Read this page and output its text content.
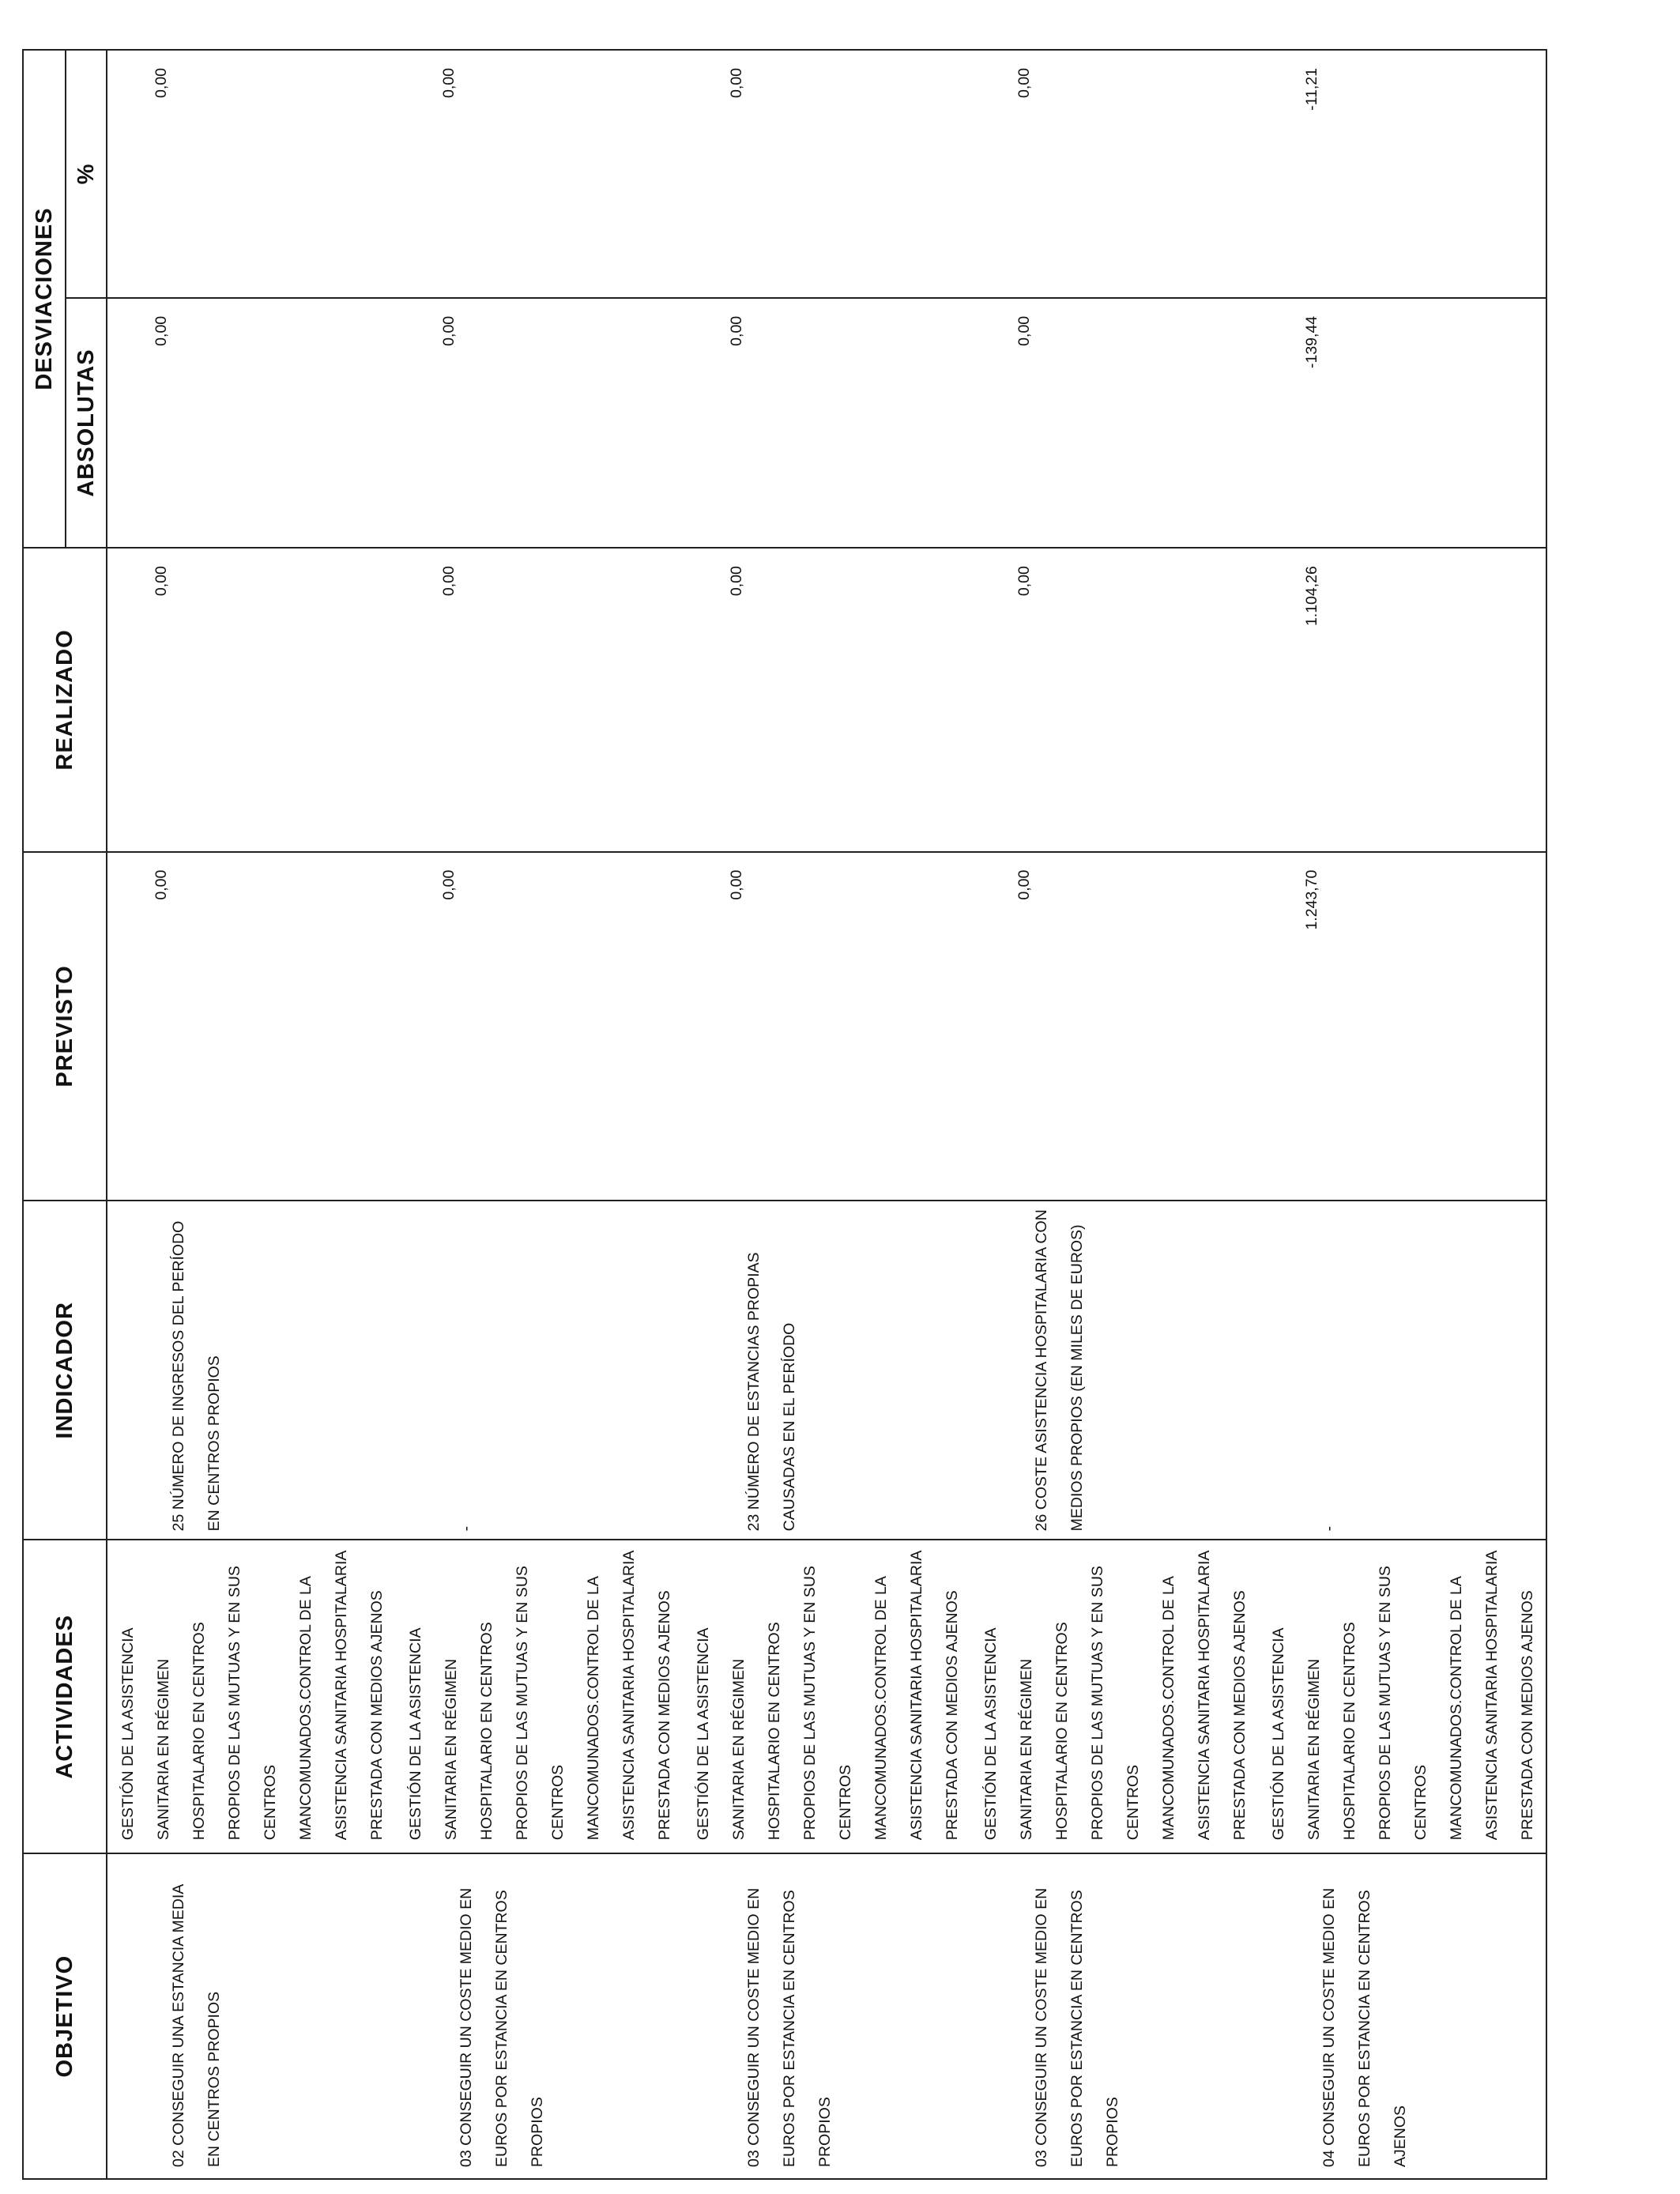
OBJETIVO	ACTIVIDADES	INDICADOR	PREVISTO	REALIZADO	DESVIACIONES	
					ABSOLUTAS	%
02 CONSEGUIR UNA ESTANCIA MEDIA EN CENTROS PROPIOS	GESTIÓN DE LA ASISTENCIA SANITARIA EN RÉGIMEN HOSPITALARIO EN CENTROS PROPIOS DE LAS MUTUAS Y EN SUS CENTROS MANCOMUNADOS.CONTROL DE LA ASISTENCIA SANITARIA HOSPITALARIA PRESTADA CON MEDIOS AJENOS	25 NÚMERO DE INGRESOS DEL PERÍODO EN CENTROS PROPIOS	0,00	0,00	0,00	0,00

03 CONSEGUIR UN COSTE MEDIO EN EUROS POR ESTANCIA EN CENTROS PROPIOS	GESTIÓN DE LA ASISTENCIA SANITARIA EN RÉGIMEN HOSPITALARIO EN CENTROS PROPIOS DE LAS MUTUAS Y EN SUS CENTROS MANCOMUNADOS.CONTROL DE LA ASISTENCIA SANITARIA HOSPITALARIA PRESTADA CON MEDIOS AJENOS	-	0,00	0,00	0,00	0,00

03 CONSEGUIR UN COSTE MEDIO EN EUROS POR ESTANCIA EN CENTROS PROPIOS	GESTIÓN DE LA ASISTENCIA SANITARIA EN RÉGIMEN HOSPITALARIO EN CENTROS PROPIOS DE LAS MUTUAS Y EN SUS CENTROS MANCOMUNADOS.CONTROL DE LA ASISTENCIA SANITARIA HOSPITALARIA PRESTADA CON MEDIOS AJENOS	23 NÚMERO DE ESTANCIAS PROPIAS CAUSADAS EN EL PERÍODO	0,00	0,00	0,00	0,00

03 CONSEGUIR UN COSTE MEDIO EN EUROS POR ESTANCIA EN CENTROS PROPIOS	GESTIÓN DE LA ASISTENCIA SANITARIA EN RÉGIMEN HOSPITALARIO EN CENTROS PROPIOS DE LAS MUTUAS Y EN SUS CENTROS MANCOMUNADOS.CONTROL DE LA ASISTENCIA SANITARIA HOSPITALARIA PRESTADA CON MEDIOS AJENOS	26 COSTE ASISTENCIA HOSPITALARIA CON MEDIOS PROPIOS (EN MILES DE EUROS)	0,00	0,00	0,00	0,00

04 CONSEGUIR UN COSTE MEDIO EN EUROS POR ESTANCIA EN CENTROS AJENOS	GESTIÓN DE LA ASISTENCIA SANITARIA EN RÉGIMEN HOSPITALARIO EN CENTROS PROPIOS DE LAS MUTUAS Y EN SUS CENTROS MANCOMUNADOS.CONTROL DE LA ASISTENCIA SANITARIA HOSPITALARIA PRESTADA CON MEDIOS AJENOS	-	1.243,70	1.104,26	-139,44	-11,21
